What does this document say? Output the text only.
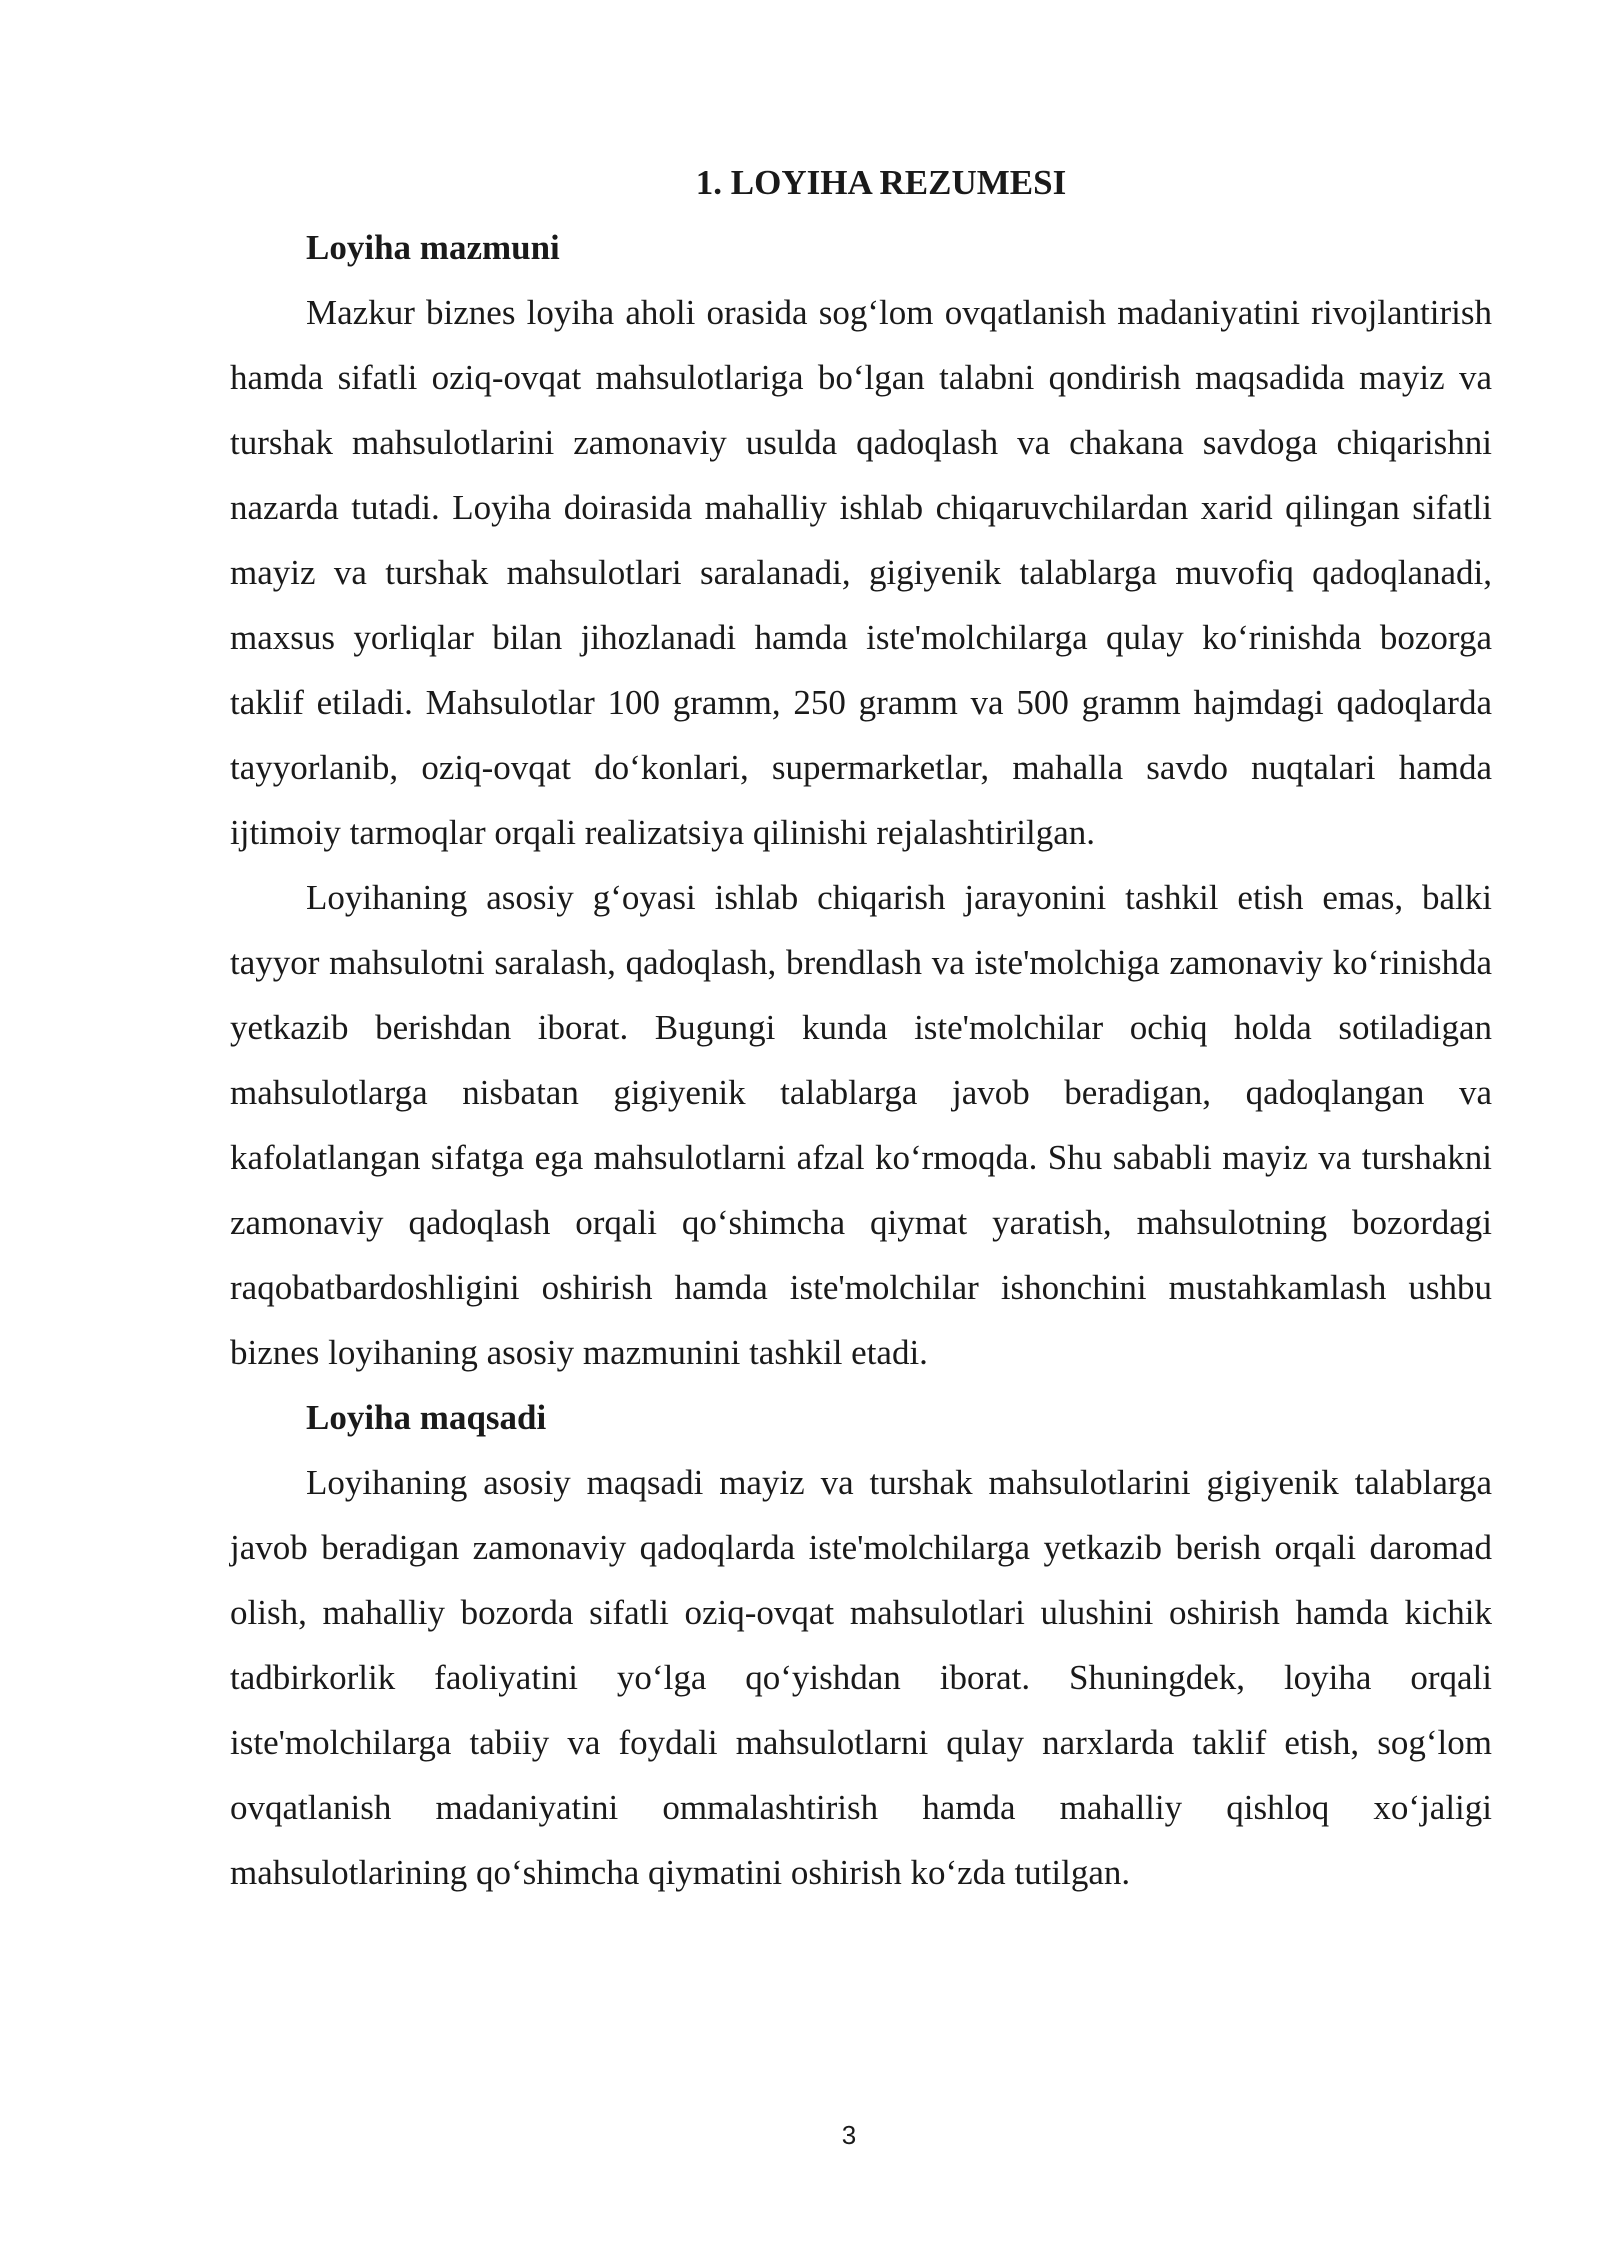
1. LOYIHA REZUMESI
Loyiha mazmuni

Mazkur biznes loyiha aholi orasida sog‘lom ovqatlanish madaniyatini rivojlantirish hamda sifatli oziq-ovqat mahsulotlariga bo‘lgan talabni qondirish maqsadida mayiz va turshak mahsulotlarini zamonaviy usulda qadoqlash va chakana savdoga chiqarishni nazarda tutadi. Loyiha doirasida mahalliy ishlab chiqaruvchilardan xarid qilingan sifatli mayiz va turshak mahsulotlari saralanadi, gigiyenik talablarga muvofiq qadoqlanadi, maxsus yorliqlar bilan jihozlanadi hamda iste'molchilarga qulay ko‘rinishda bozorga taklif etiladi. Mahsulotlar 100 gramm, 250 gramm va 500 gramm hajmdagi qadoqlarda tayyorlanib, oziq-ovqat do‘konlari, supermarketlar, mahalla savdo nuqtalari hamda ijtimoiy tarmoqlar orqali realizatsiya qilinishi rejalashtirilgan.

Loyihaning asosiy g‘oyasi ishlab chiqarish jarayonini tashkil etish emas, balki tayyor mahsulotni saralash, qadoqlash, brendlash va iste'molchiga zamonaviy ko‘rinishda yetkazib berishdan iborat. Bugungi kunda iste'molchilar ochiq holda sotiladigan mahsulotlarga nisbatan gigiyenik talablarga javob beradigan, qadoqlangan va kafolatlangan sifatga ega mahsulotlarni afzal ko‘rmoqda. Shu sababli mayiz va turshakni zamonaviy qadoqlash orqali qo‘shimcha qiymat yaratish, mahsulotning bozordagi raqobatbardoshligini oshirish hamda iste'molchilar ishonchini mustahkamlash ushbu biznes loyihaning asosiy mazmunini tashkil etadi.

Loyiha maqsadi

Loyihaning asosiy maqsadi mayiz va turshak mahsulotlarini gigiyenik talablarga javob beradigan zamonaviy qadoqlarda iste'molchilarga yetkazib berish orqali daromad olish, mahalliy bozorda sifatli oziq-ovqat mahsulotlari ulushini oshirish hamda kichik tadbirkorlik faoliyatini yo‘lga qo‘yishdan iborat. Shuningdek, loyiha orqali iste'molchilarga tabiiy va foydali mahsulotlarni qulay narxlarda taklif etish, sog‘lom ovqatlanish madaniyatini ommalashtirish hamda mahalliy qishloq xo‘jaligi mahsulotlarining qo‘shimcha qiymatini oshirish ko‘zda tutilgan.

3
